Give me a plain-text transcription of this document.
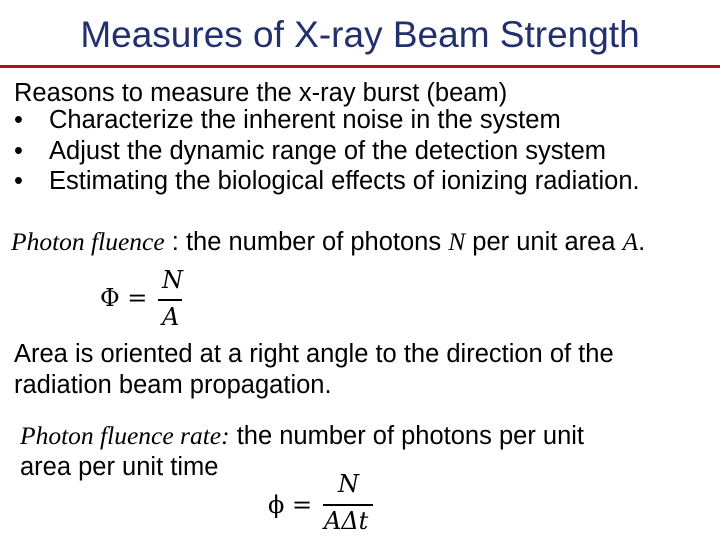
Measures of X-ray Beam Strength
Reasons to measure the x-ray burst (beam)
• Characterize the inherent noise in the system
• Adjust the dynamic range of the detection system
• Estimating the biological effects of ionizing radiation.
Photon fluence : the number of photons N per unit area A.
Φ =
N
A
Area is oriented at a right angle to the direction of the
radiation beam propagation.
Photon fluence rate: the number of photons per unit
area per unit time
ϕ =
N
AΔt
